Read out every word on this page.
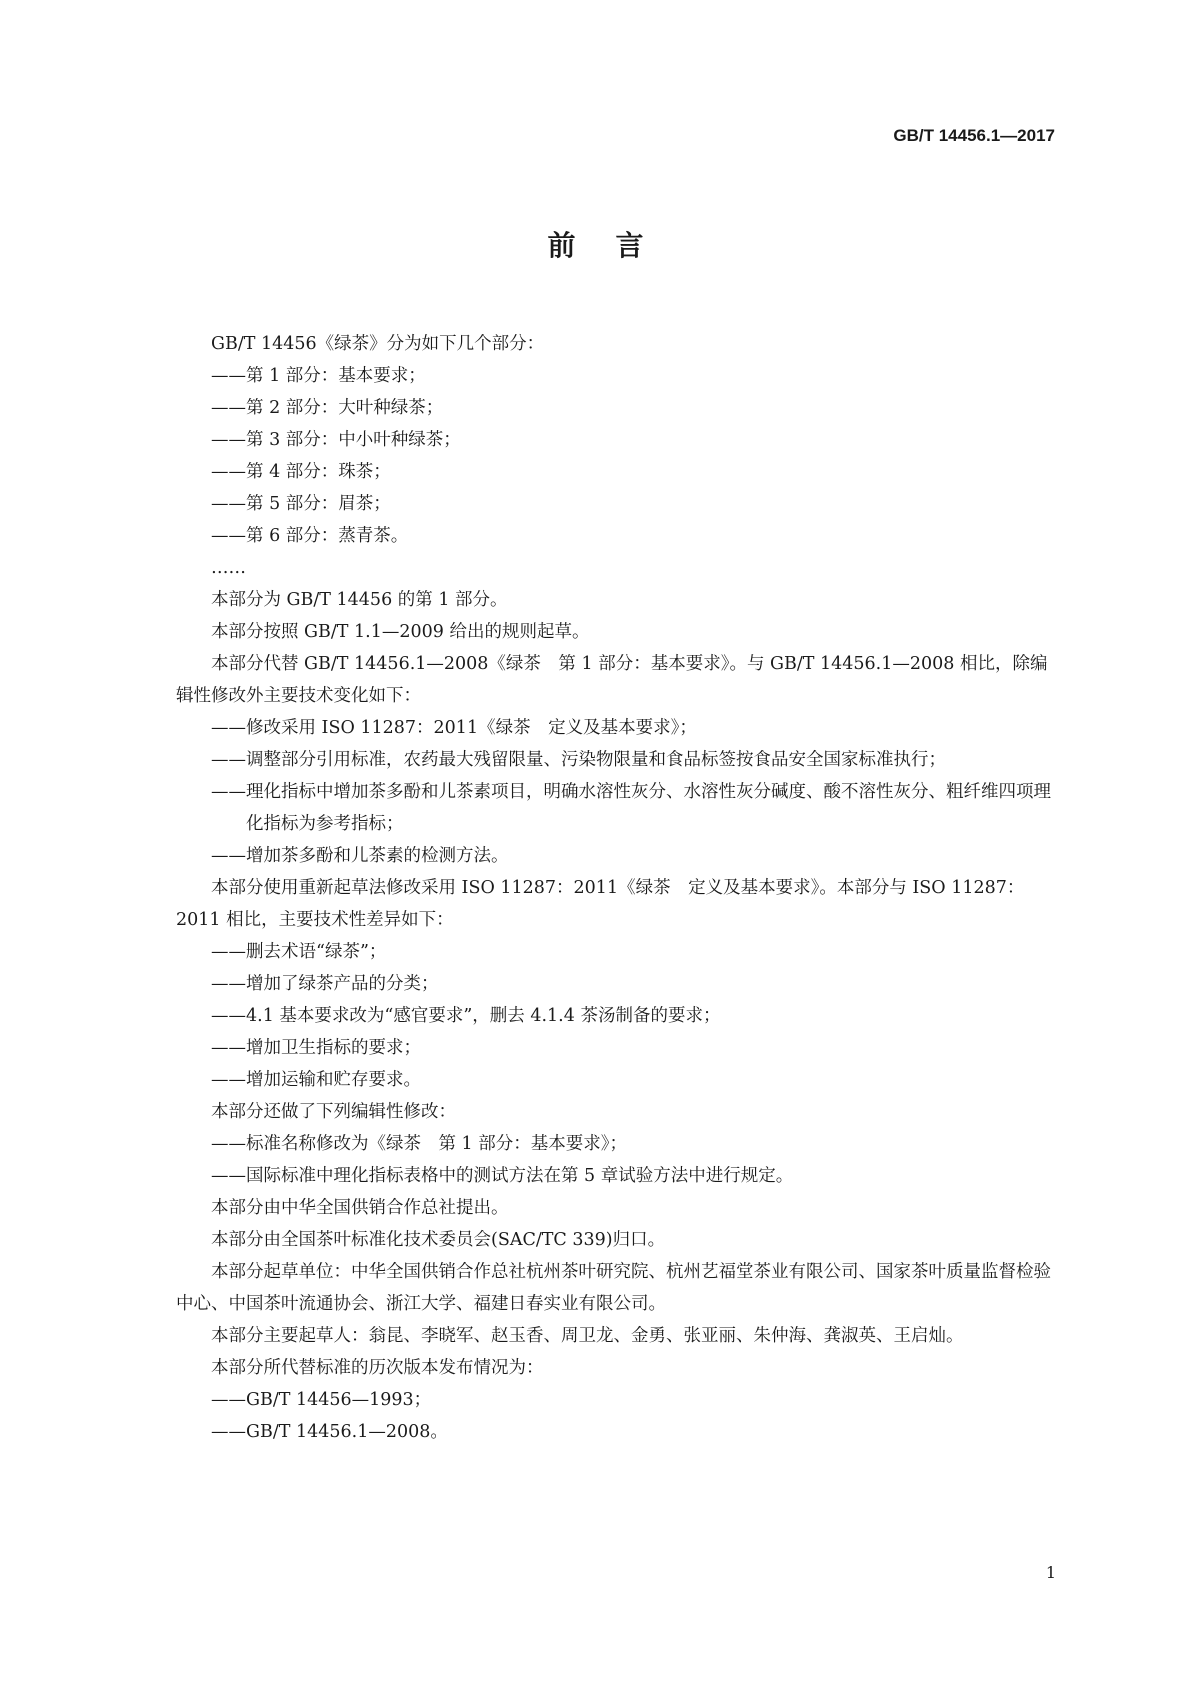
GB/T 14456.1—2017
前言

GB/T 14456《绿茶》分为如下几个部分：

——第 1 部分：基本要求；

——第 2 部分：大叶种绿茶；

——第 3 部分：中小叶种绿茶；

——第 4 部分：珠茶；

——第 5 部分：眉茶；

——第 6 部分：蒸青茶。

……

本部分为 GB/T 14456 的第 1 部分。

本部分按照 GB/T 1.1—2009 给出的规则起草。

本部分代替 GB/T 14456.1—2008《绿茶　第 1 部分：基本要求》。与 GB/T 14456.1—2008 相比，除编辑性修改外主要技术变化如下：

——修改采用 ISO 11287：2011《绿茶　定义及基本要求》；

——调整部分引用标准，农药最大残留限量、污染物限量和食品标签按食品安全国家标准执行；

——理化指标中增加茶多酚和儿茶素项目，明确水溶性灰分、水溶性灰分碱度、酸不溶性灰分、粗纤维四项理化指标为参考指标；

——增加茶多酚和儿茶素的检测方法。

本部分使用重新起草法修改采用 ISO 11287：2011《绿茶　定义及基本要求》。本部分与 ISO 11287：2011 相比，主要技术性差异如下：

——删去术语“绿茶”；

——增加了绿茶产品的分类；

——4.1 基本要求改为“感官要求”，删去 4.1.4 茶汤制备的要求；

——增加卫生指标的要求；

——增加运输和贮存要求。

本部分还做了下列编辑性修改：

——标准名称修改为《绿茶　第 1 部分：基本要求》；

——国际标准中理化指标表格中的测试方法在第 5 章试验方法中进行规定。

本部分由中华全国供销合作总社提出。

本部分由全国茶叶标准化技术委员会(SAC/TC 339)归口。

本部分起草单位：中华全国供销合作总社杭州茶叶研究院、杭州艺福堂茶业有限公司、国家茶叶质量监督检验中心、中国茶叶流通协会、浙江大学、福建日春实业有限公司。

本部分主要起草人：翁昆、李晓军、赵玉香、周卫龙、金勇、张亚丽、朱仲海、龚淑英、王启灿。

本部分所代替标准的历次版本发布情况为：

——GB/T 14456—1993；

——GB/T 14456.1—2008。

1
